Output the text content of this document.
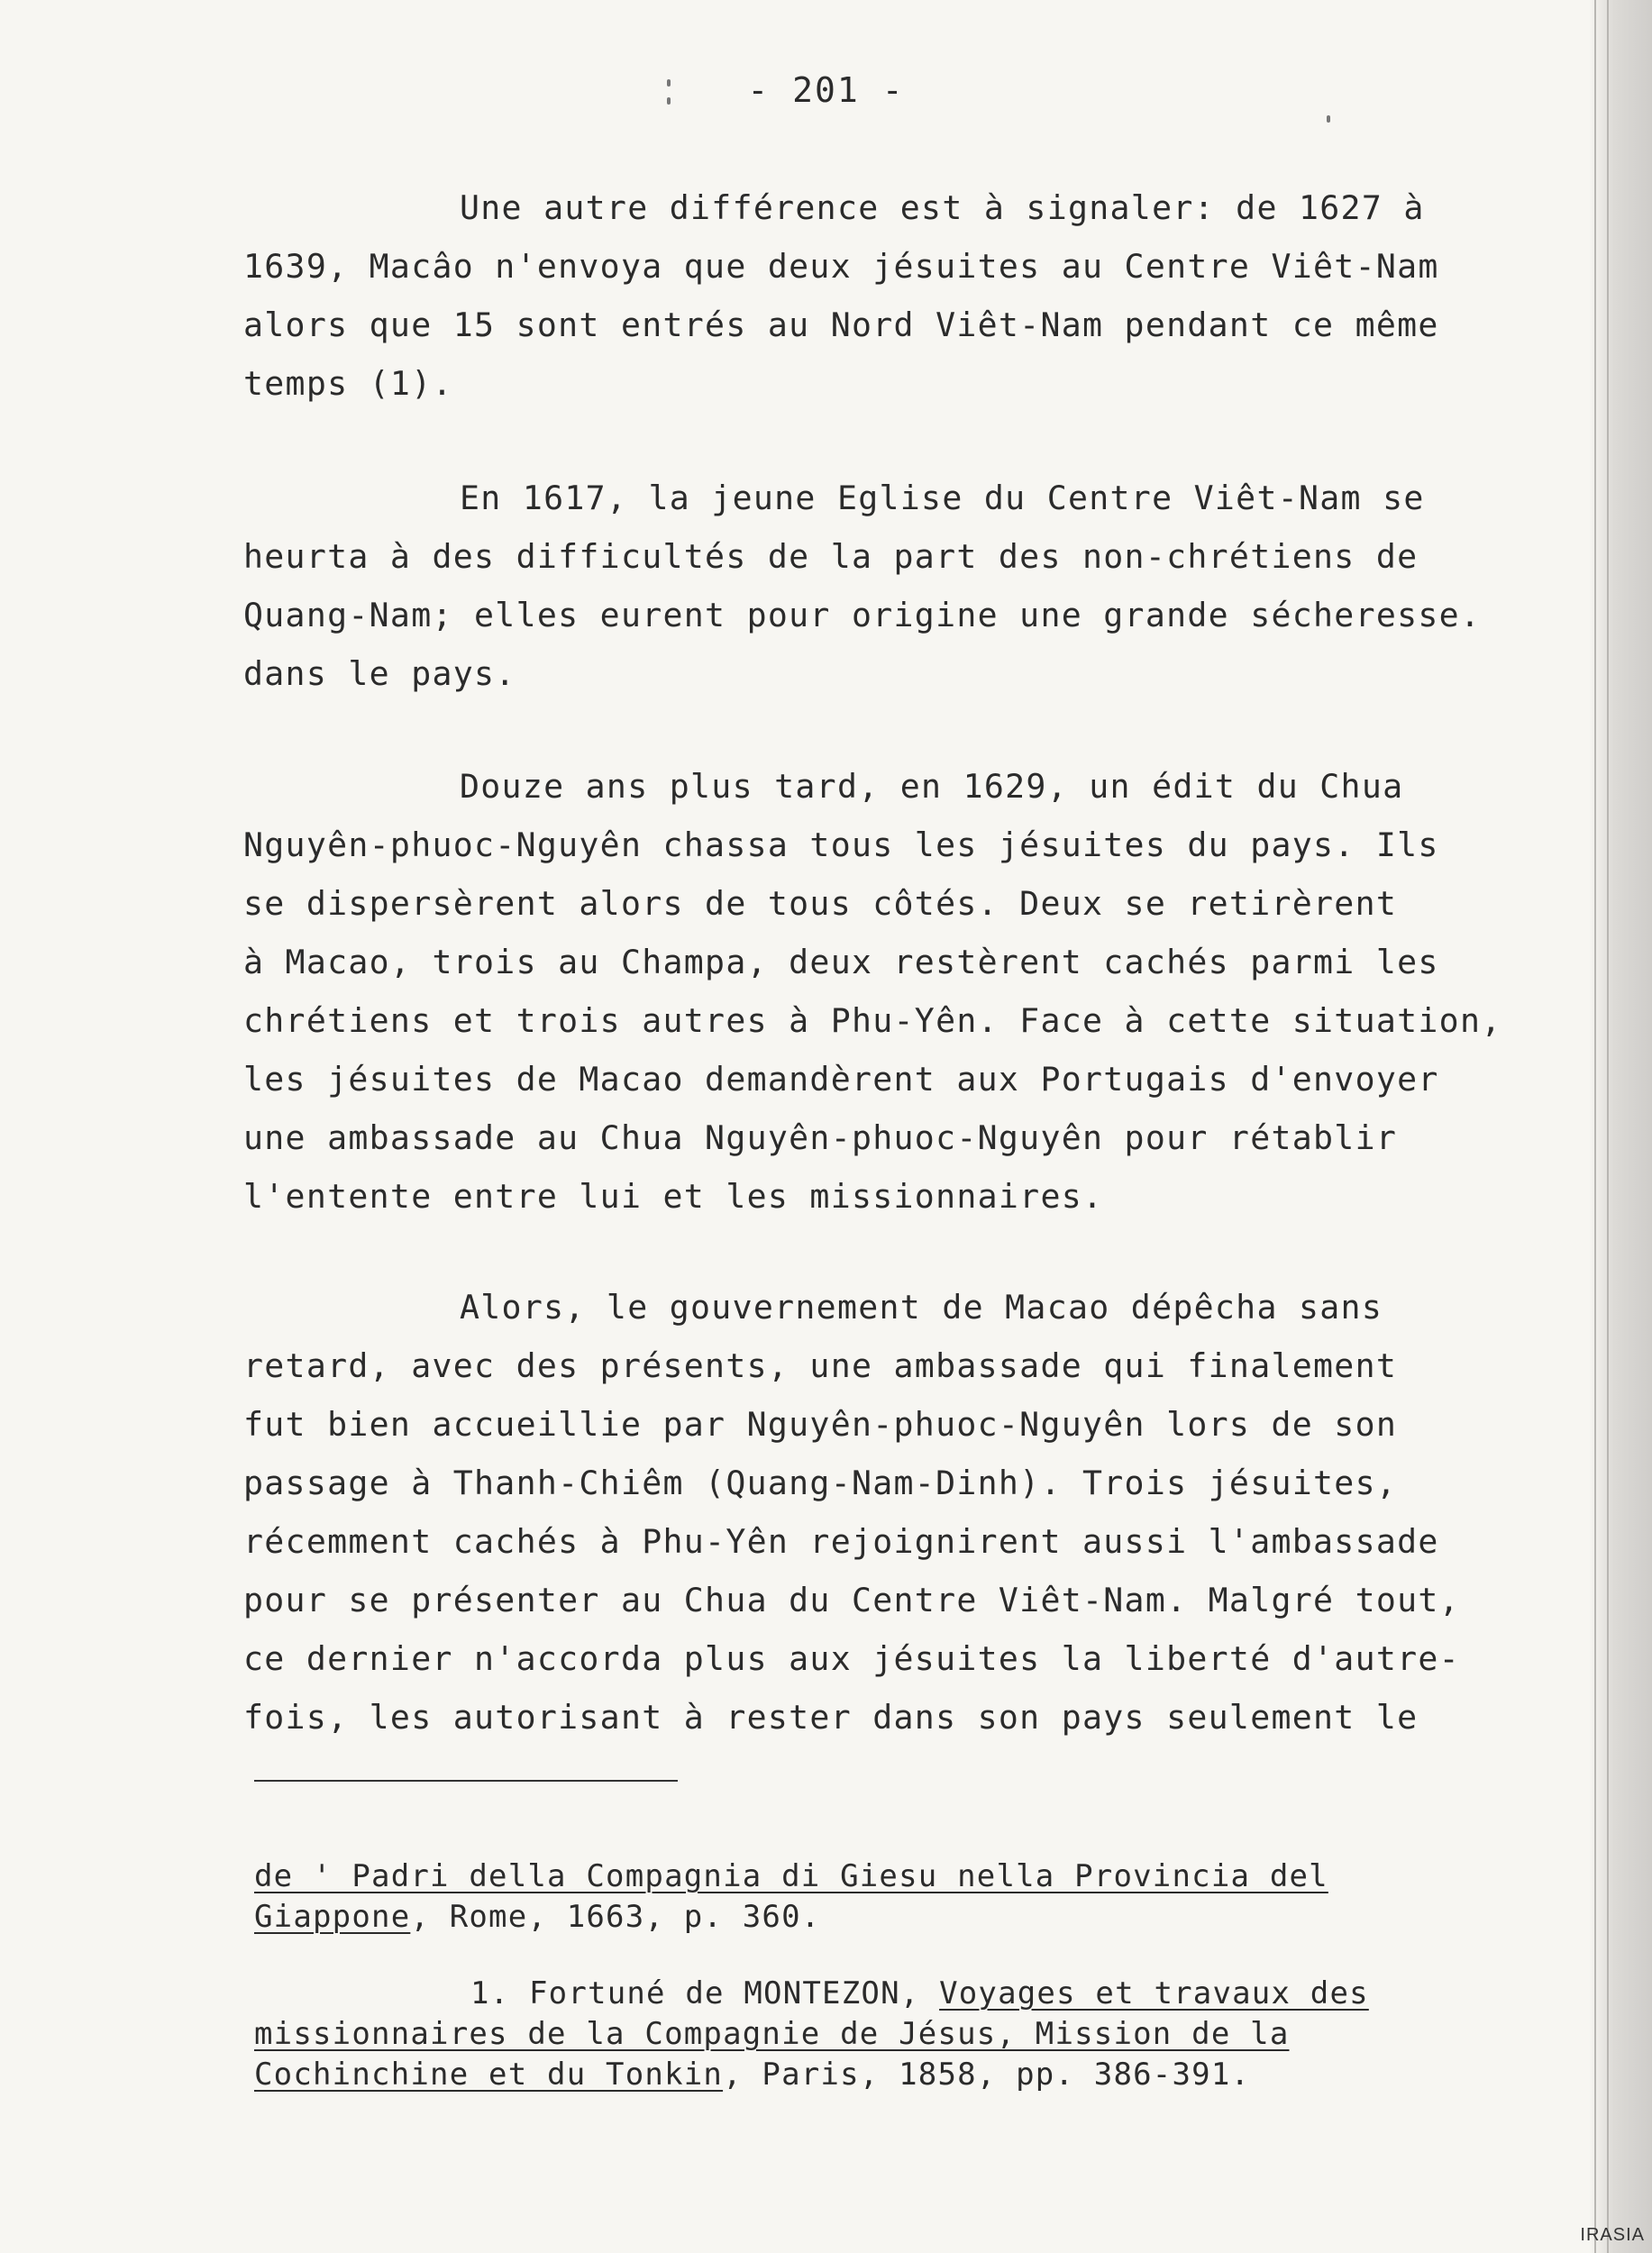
- 201 -
Une autre différence est à signaler: de 1627 à
1639, Macâo n'envoya que deux jésuites au Centre Viêt-Nam
alors que 15 sont entrés au Nord Viêt-Nam pendant ce même
temps (1).
En 1617, la jeune Eglise du Centre Viêt-Nam se
heurta à des difficultés de la part des non-chrétiens de
Quang-Nam; elles eurent pour origine une grande sécheresse.
dans le pays.
Douze ans plus tard, en 1629, un édit du Chua
Nguyên-phuoc-Nguyên chassa tous les jésuites du pays. Ils
se dispersèrent alors de tous côtés. Deux se retirèrent
à Macao, trois au Champa, deux restèrent cachés parmi les
chrétiens et trois autres à Phu-Yên. Face à cette situation,
les jésuites de Macao demandèrent aux Portugais d'envoyer
une ambassade au Chua Nguyên-phuoc-Nguyên pour rétablir
l'entente entre lui et les missionnaires.
Alors, le gouvernement de Macao dépêcha sans
retard, avec des présents, une ambassade qui finalement
fut bien accueillie par Nguyên-phuoc-Nguyên lors de son
passage à Thanh-Chiêm (Quang-Nam-Dinh). Trois jésuites,
récemment cachés à Phu-Yên rejoignirent aussi l'ambassade
pour se présenter au Chua du Centre Viêt-Nam. Malgré tout,
ce dernier n'accorda plus aux jésuites la liberté d'autre-
fois, les autorisant à rester dans son pays seulement le
de ' Padri della Compagnia di Giesu nella Provincia del
Giappone, Rome, 1663, p. 360.
1. Fortuné de MONTEZON, Voyages et travaux des
missionnaires de la Compagnie de Jésus, Mission de la
Cochinchine et du Tonkin, Paris, 1858, pp. 386-391.
IRASIA
